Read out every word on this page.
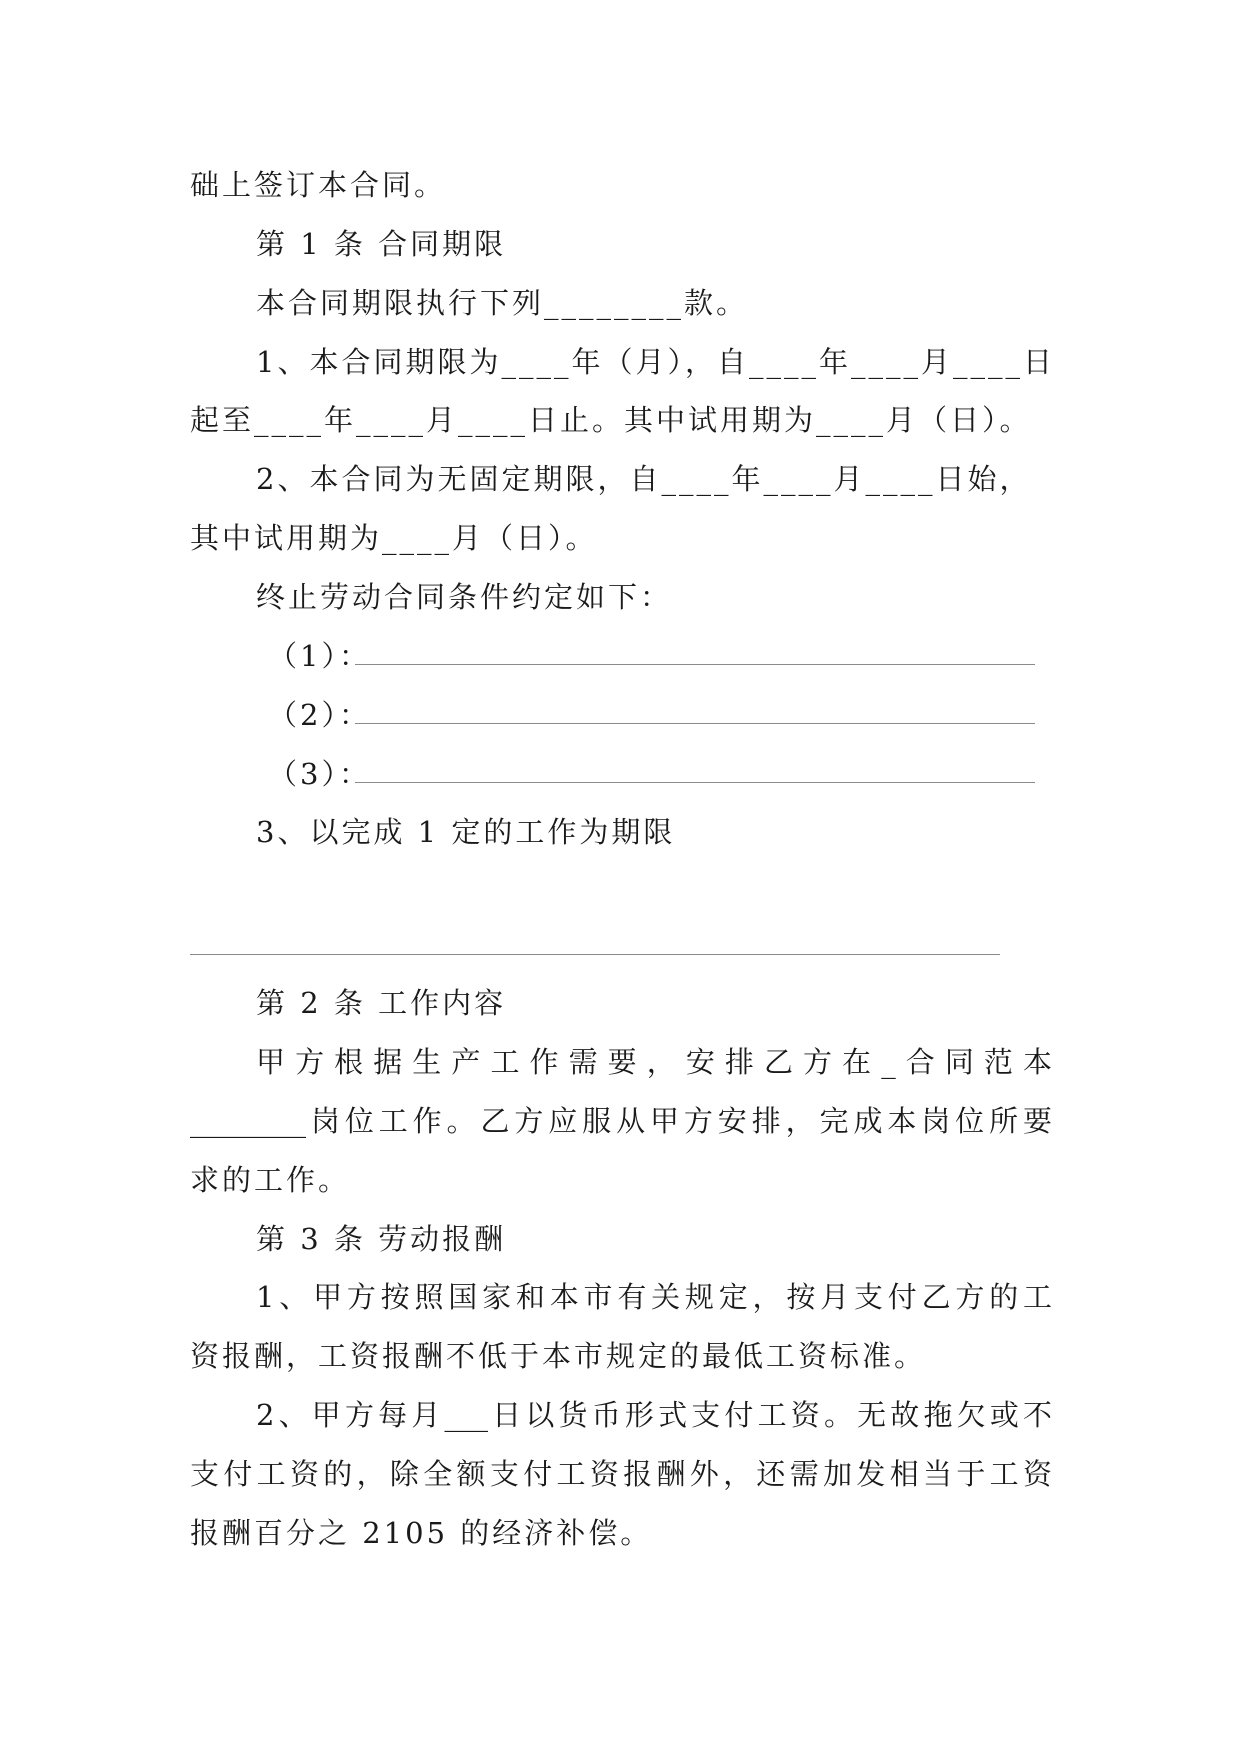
础上签订本合同。
第 1 条 合同期限
本合同期限执行下列________款。
1、本合同期限为____年（月），自____年____月____日
起至____年____月____日止。其中试用期为____月（日）。
2、本合同为无固定期限，自____年____月____日始，
其中试用期为____月（日）。
终止劳动合同条件约定如下：
（1）：
（2）：
（3）：
3、以完成 1 定的工作为期限
第 2 条 工作内容
甲方根据生产工作需要，安排乙方在_合同范本
________岗位工作。乙方应服从甲方安排，完成本岗位所要
求的工作。
第 3 条 劳动报酬
1、甲方按照国家和本市有关规定，按月支付乙方的工
资报酬，工资报酬不低于本市规定的最低工资标准。
2、甲方每月___日以货币形式支付工资。无故拖欠或不
支付工资的，除全额支付工资报酬外，还需加发相当于工资
报酬百分之 2105 的经济补偿。
